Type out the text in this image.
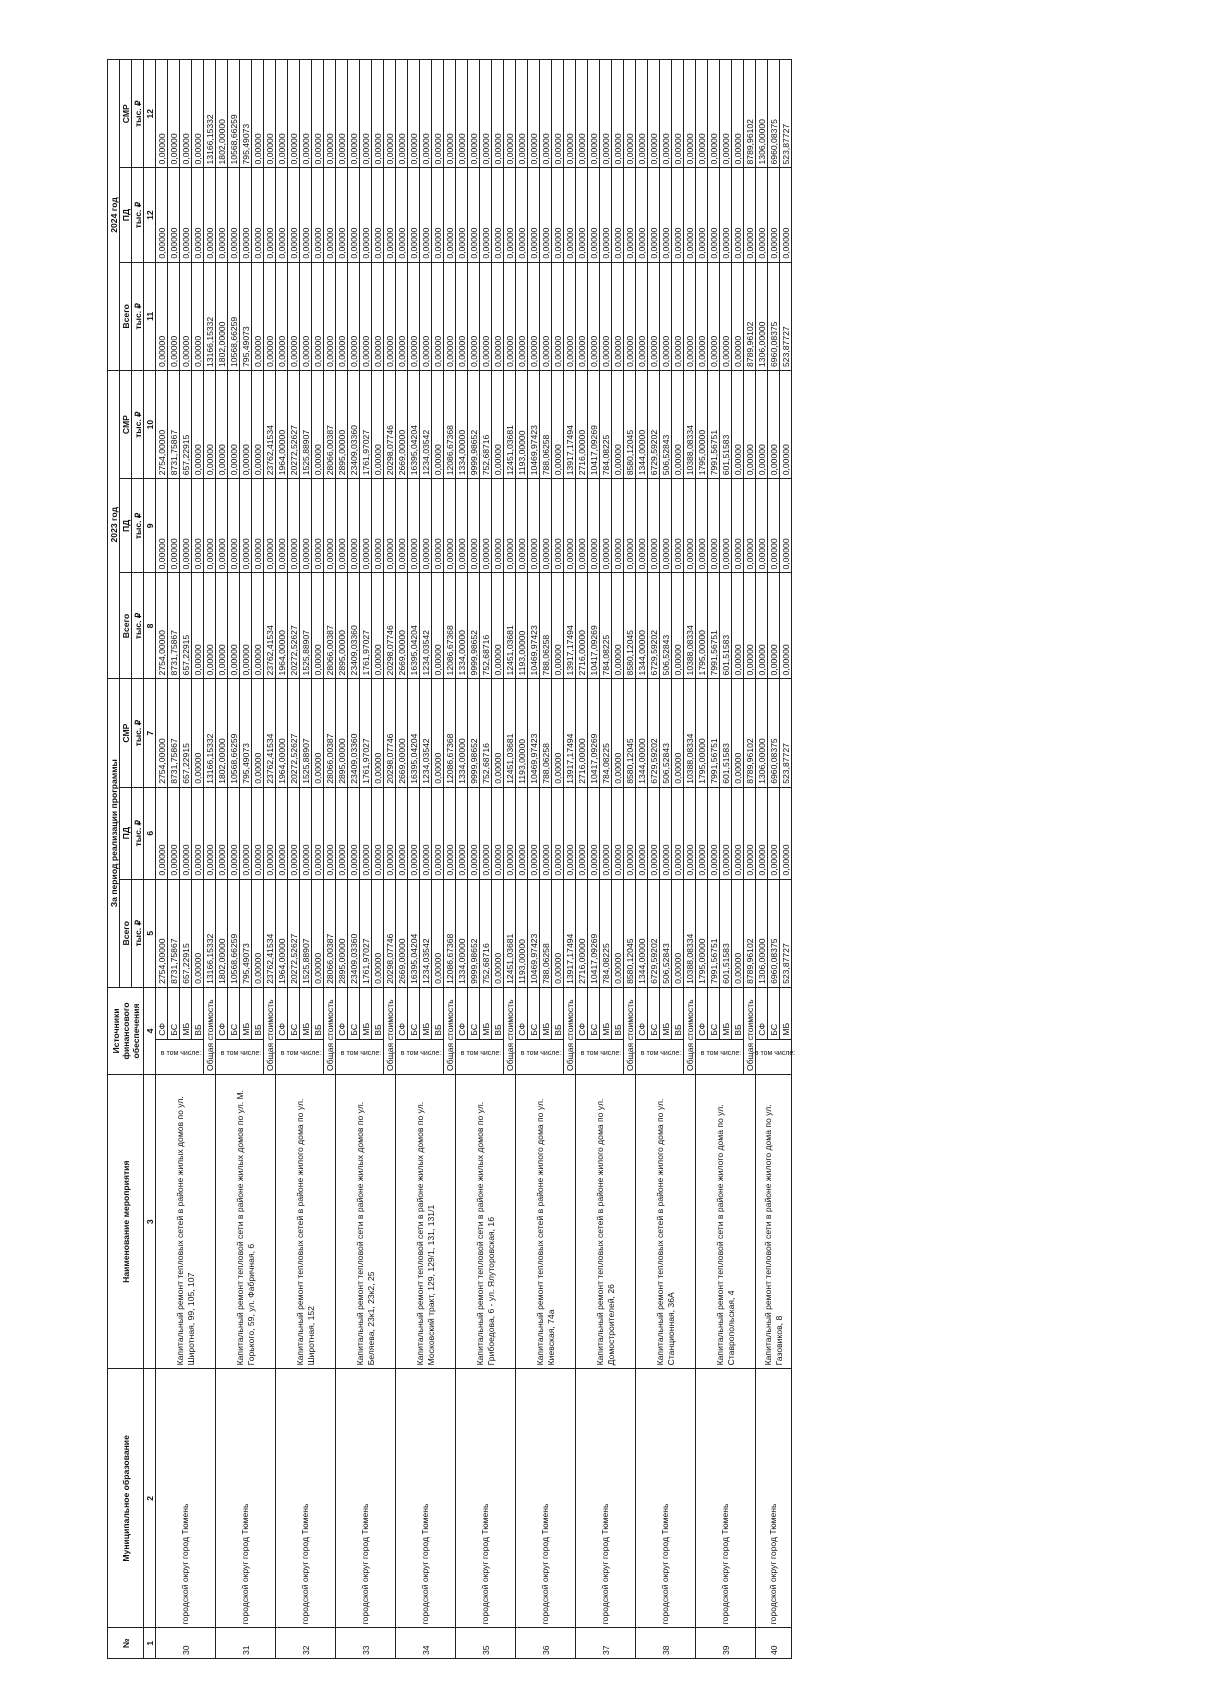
№	Муниципальное образование	Наименование мероприятия	Источники финансового обеспечения		За период реализации программы			2023 год			2024 год		
					Всего	ПД	СМР	Всего	ПД	СМР	Всего	ПД	СМР
					тыс. ₽	тыс. ₽	тыс. ₽	тыс. ₽	тыс. ₽	тыс. ₽	тыс. ₽	тыс. ₽	тыс. ₽
1	2	3	4		5	6	7	8	9	10	11	12	12
30	городской округ город Тюмень	Капитальный ремонт тепловых сетей в районе жилых домов по ул. Широтная, 99, 105, 107	в том числе:	СФ	2754,00000	0,00000	2754,00000	2754,00000	0,00000	2754,00000	0,00000	0,00000	0,00000
				БС	8731,75867	0,00000	8731,75867	8731,75867	0,00000	8731,75867	0,00000	0,00000	0,00000
				МБ	657,22915	0,00000	657,22915	657,22915	0,00000	657,22915	0,00000	0,00000	0,00000
				ВБ	0,00000	0,00000	0,00000	0,00000	0,00000	0,00000	0,00000	0,00000	0,00000
			Общая стоимость		13166,15332	0,00000	13166,15332	0,00000	0,00000	0,00000	13166,15332	0,00000	13166,15332
31	городской округ город Тюмень	Капитальный ремонт тепловой сети в районе жилых домов по ул. М. Горького, 59, ул. Фабричная, 6	в том числе:	СФ	1802,00000	0,00000	1802,00000	0,00000	0,00000	0,00000	1802,00000	0,00000	1802,00000
				БС	10568,66259	0,00000	10568,66259	0,00000	0,00000	0,00000	10568,66259	0,00000	10568,66259
				МБ	795,49073	0,00000	795,49073	0,00000	0,00000	0,00000	795,49073	0,00000	795,49073
				ВБ	0,00000	0,00000	0,00000	0,00000	0,00000	0,00000	0,00000	0,00000	0,00000
			Общая стоимость		23762,41534	0,00000	23762,41534	23762,41534	0,00000	23762,41534	0,00000	0,00000	0,00000
32	городской округ город Тюмень	Капитальный ремонт тепловых сетей в районе жилого дома по ул. Широтная, 152	в том числе:	СФ	1964,00000	0,00000	1964,00000	1964,00000	0,00000	1964,00000	0,00000	0,00000	0,00000
				БС	20272,52627	0,00000	20272,52627	20272,52627	0,00000	20272,52627	0,00000	0,00000	0,00000
				МБ	1525,88907	0,00000	1525,88907	1525,88907	0,00000	1525,88907	0,00000	0,00000	0,00000
				ВБ	0,00000	0,00000	0,00000	0,00000	0,00000	0,00000	0,00000	0,00000	0,00000
			Общая стоимость		28066,00387	0,00000	28066,00387	28066,00387	0,00000	28066,00387	0,00000	0,00000	0,00000
33	городской округ город Тюмень	Капитальный ремонт тепловой сети в районе жилых домов по ул. Беляева, 23к1, 23к2, 25	в том числе:	СФ	2895,00000	0,00000	2895,00000	2895,00000	0,00000	2895,00000	0,00000	0,00000	0,00000
				БС	23409,03360	0,00000	23409,03360	23409,03360	0,00000	23409,03360	0,00000	0,00000	0,00000
				МБ	1761,97027	0,00000	1761,97027	1761,97027	0,00000	1761,97027	0,00000	0,00000	0,00000
				ВБ	0,00000	0,00000	0,00000	0,00000	0,00000	0,00000	0,00000	0,00000	0,00000
			Общая стоимость		20298,07746	0,00000	20298,07746	20298,07746	0,00000	20298,07746	0,00000	0,00000	0,00000
34	городской округ город Тюмень	Капитальный ремонт тепловой сети в районе жилых домов по ул. Московский тракт, 129, 129/1, 131, 131/1	в том числе:	СФ	2669,00000	0,00000	2669,00000	2669,00000	0,00000	2669,00000	0,00000	0,00000	0,00000
				БС	16395,04204	0,00000	16395,04204	16395,04204	0,00000	16395,04204	0,00000	0,00000	0,00000
				МБ	1234,03542	0,00000	1234,03542	1234,03542	0,00000	1234,03542	0,00000	0,00000	0,00000
				ВБ	0,00000	0,00000	0,00000	0,00000	0,00000	0,00000	0,00000	0,00000	0,00000
			Общая стоимость		12086,67368	0,00000	12086,67368	12086,67368	0,00000	12086,67368	0,00000	0,00000	0,00000
35	городской округ город Тюмень	Капитальный ремонт тепловой сети в районе жилых домов по ул. Грибоедова, 6 - ул. Ялуторовская, 16	в том числе:	СФ	1334,00000	0,00000	1334,00000	1334,00000	0,00000	1334,00000	0,00000	0,00000	0,00000
				БС	9999,98652	0,00000	9999,98652	9999,98652	0,00000	9999,98652	0,00000	0,00000	0,00000
				МБ	752,68716	0,00000	752,68716	752,68716	0,00000	752,68716	0,00000	0,00000	0,00000
				ВБ	0,00000	0,00000	0,00000	0,00000	0,00000	0,00000	0,00000	0,00000	0,00000
			Общая стоимость		12451,03681	0,00000	12451,03681	12451,03681	0,00000	12451,03681	0,00000	0,00000	0,00000
36	городской округ город Тюмень	Капитальный ремонт тепловых сетей в районе жилого дома по ул. Киевская, 74а	в том числе:	СФ	1193,00000	0,00000	1193,00000	1193,00000	0,00000	1193,00000	0,00000	0,00000	0,00000
				БС	10469,97423	0,00000	10469,97423	10469,97423	0,00000	10469,97423	0,00000	0,00000	0,00000
				МБ	788,06258	0,00000	788,06258	788,06258	0,00000	788,06258	0,00000	0,00000	0,00000
				ВБ	0,00000	0,00000	0,00000	0,00000	0,00000	0,00000	0,00000	0,00000	0,00000
			Общая стоимость		13917,17494	0,00000	13917,17494	13917,17494	0,00000	13917,17494	0,00000	0,00000	0,00000
37	городской округ город Тюмень	Капитальный ремонт тепловых сетей в районе жилого дома по ул. Домостроителей, 26	в том числе:	СФ	2716,00000	0,00000	2716,00000	2716,00000	0,00000	2716,00000	0,00000	0,00000	0,00000
				БС	10417,09269	0,00000	10417,09269	10417,09269	0,00000	10417,09269	0,00000	0,00000	0,00000
				МБ	784,08225	0,00000	784,08225	784,08225	0,00000	784,08225	0,00000	0,00000	0,00000
				ВБ	0,00000	0,00000	0,00000	0,00000	0,00000	0,00000	0,00000	0,00000	0,00000
			Общая стоимость		8580,12045	0,00000	8580,12045	8580,12045	0,00000	8580,12045	0,00000	0,00000	0,00000
38	городской округ город Тюмень	Капитальный ремонт тепловых сетей в районе жилого дома по ул. Станционная, 36А	в том числе:	СФ	1344,00000	0,00000	1344,00000	1344,00000	0,00000	1344,00000	0,00000	0,00000	0,00000
				БС	6729,59202	0,00000	6729,59202	6729,59202	0,00000	6729,59202	0,00000	0,00000	0,00000
				МБ	506,52843	0,00000	506,52843	506,52843	0,00000	506,52843	0,00000	0,00000	0,00000
				ВБ	0,00000	0,00000	0,00000	0,00000	0,00000	0,00000	0,00000	0,00000	0,00000
			Общая стоимость		10388,08334	0,00000	10388,08334	10388,08334	0,00000	10388,08334	0,00000	0,00000	0,00000
39	городской округ город Тюмень	Капитальный ремонт тепловой сети в районе жилого дома по ул. Ставропольская, 4	в том числе:	СФ	1795,00000	0,00000	1795,00000	1795,00000	0,00000	1795,00000	0,00000	0,00000	0,00000
				БС	7991,56751	0,00000	7991,56751	7991,56751	0,00000	7991,56751	0,00000	0,00000	0,00000
				МБ	601,51583	0,00000	601,51583	601,51583	0,00000	601,51583	0,00000	0,00000	0,00000
				ВБ	0,00000	0,00000	0,00000	0,00000	0,00000	0,00000	0,00000	0,00000	0,00000
			Общая стоимость		8789,96102	0,00000	8789,96102	0,00000	0,00000	0,00000	8789,96102	0,00000	8789,96102
40	городской округ город Тюмень	Капитальный ремонт тепловой сети в районе жилого дома по ул. Газовиков, 8	в том числе:	СФ	1306,00000	0,00000	1306,00000	0,00000	0,00000	0,00000	1306,00000	0,00000	1306,00000
				БС	6960,08375	0,00000	6960,08375	0,00000	0,00000	0,00000	6960,08375	0,00000	6960,08375
				МБ	523,87727	0,00000	523,87727	0,00000	0,00000	0,00000	523,87727	0,00000	523,87727
